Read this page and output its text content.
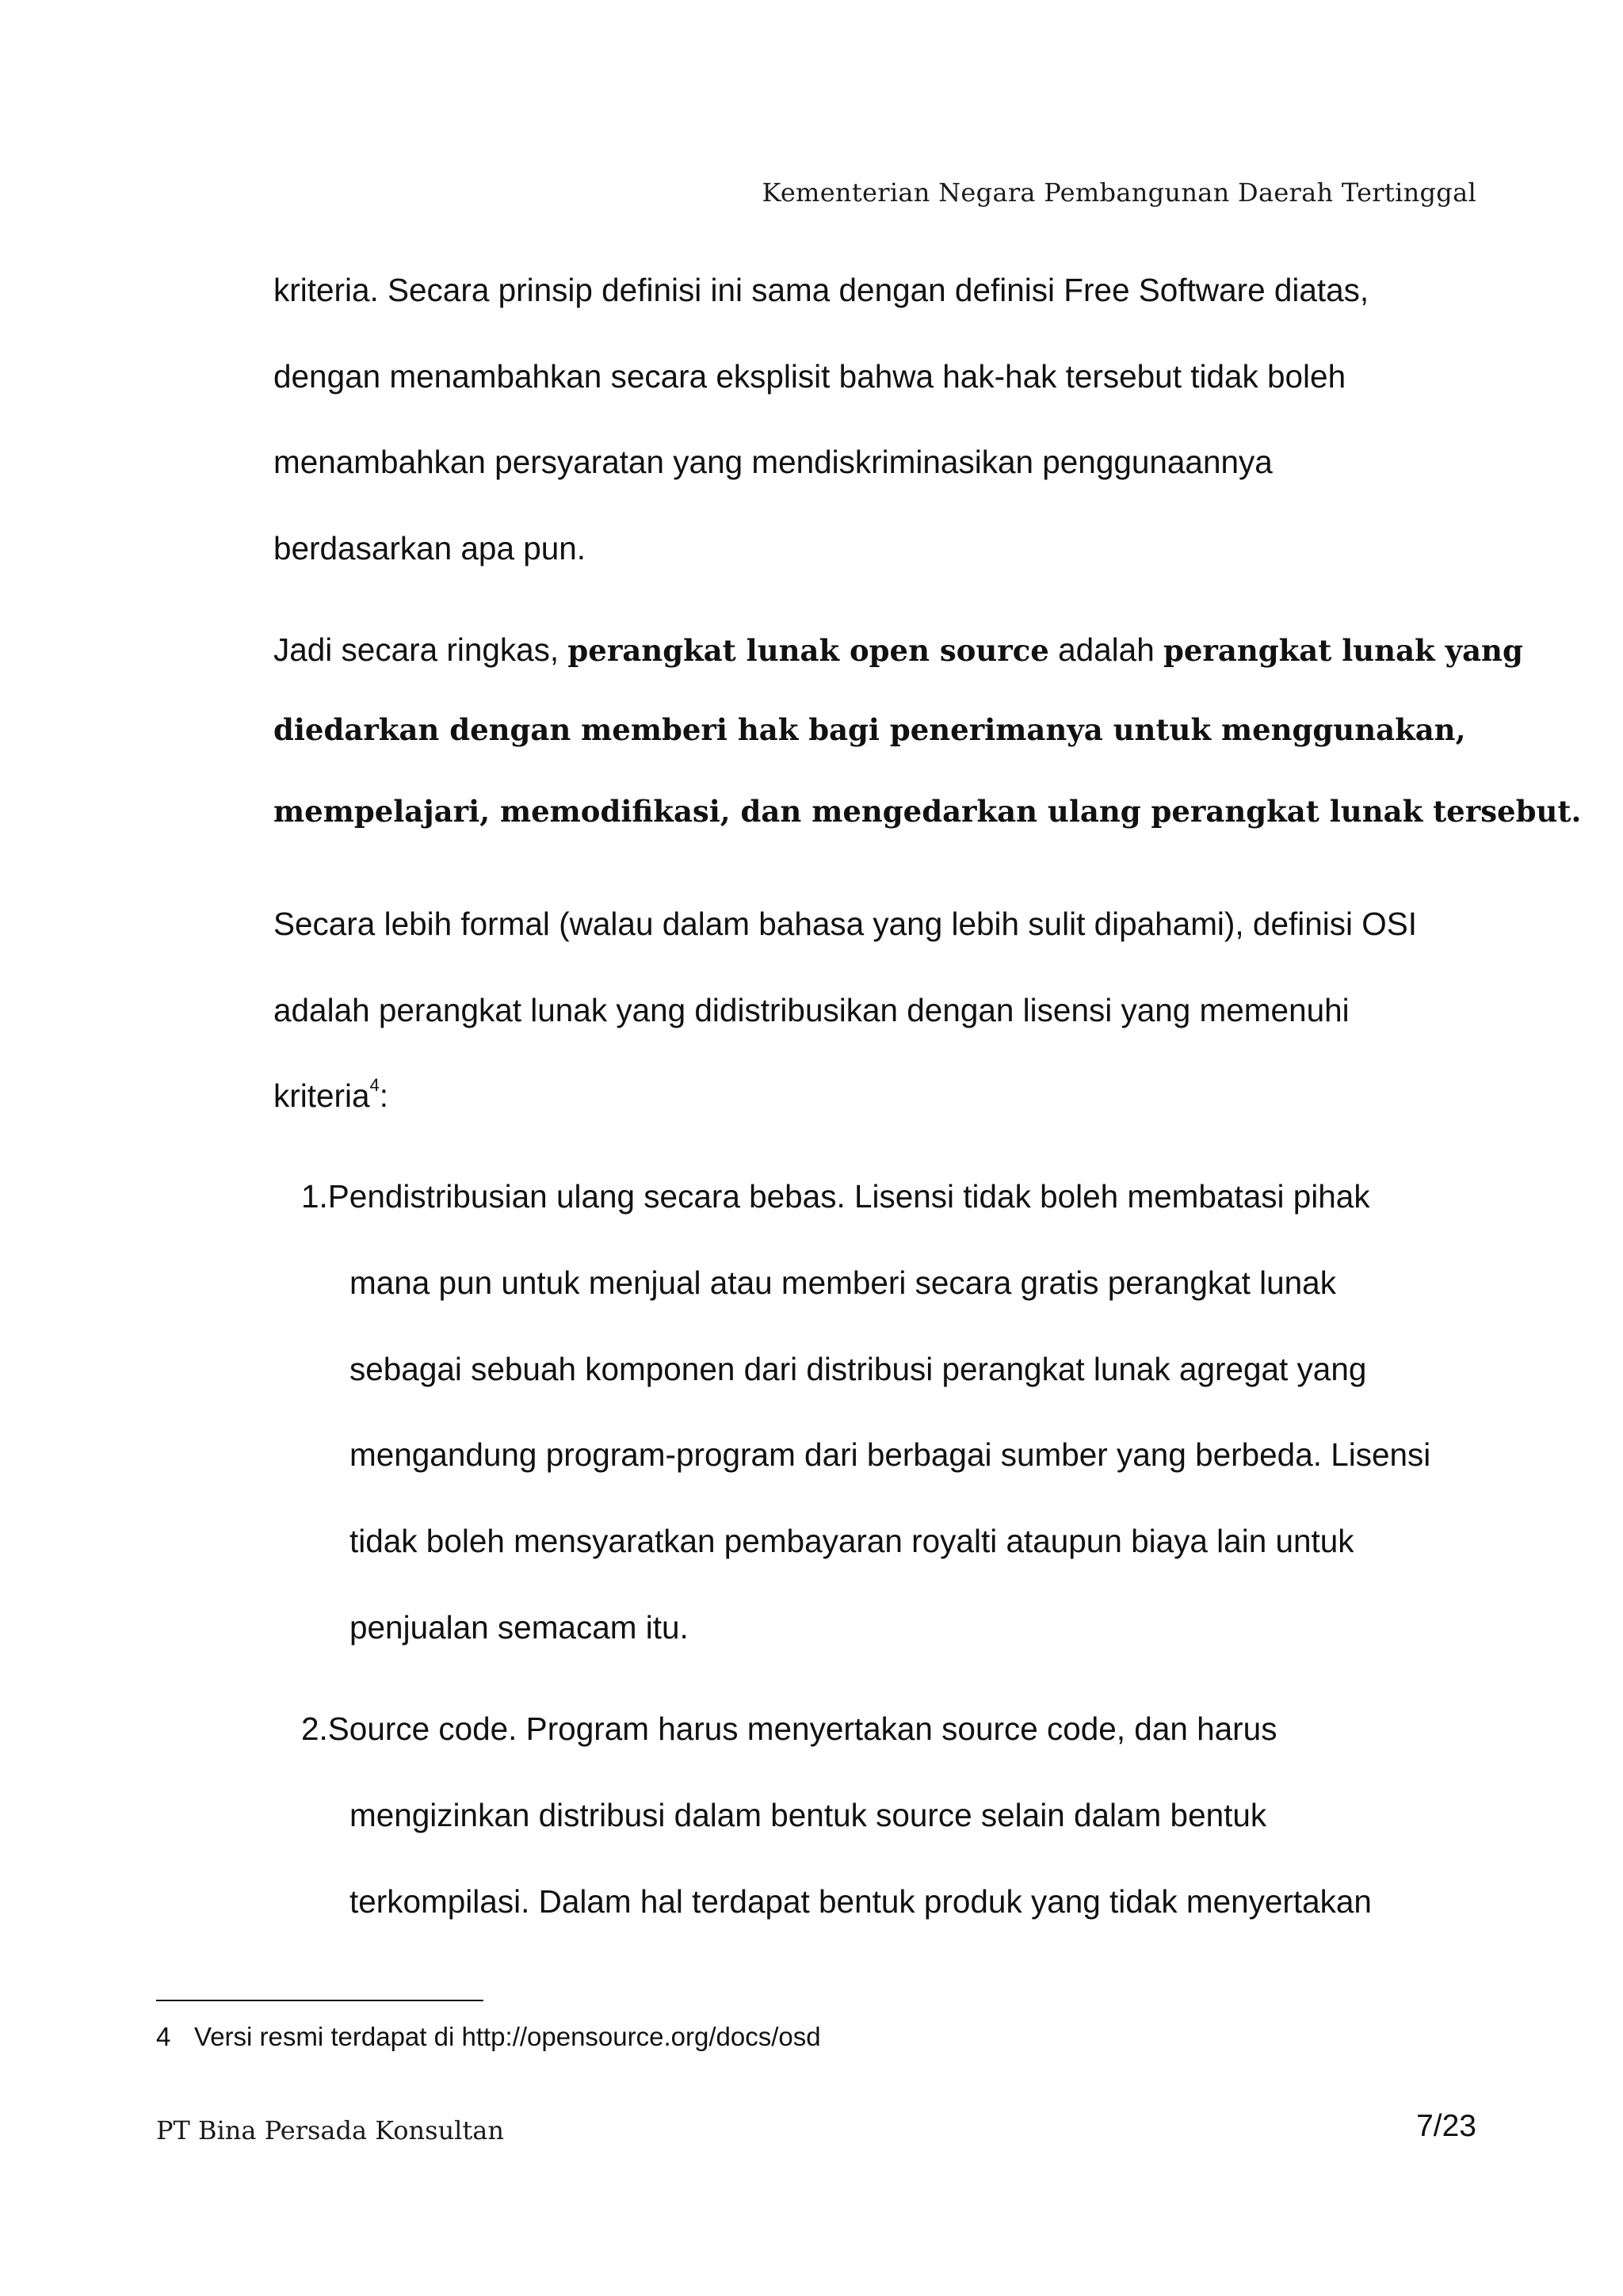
Kementerian Negara Pembangunan Daerah Tertinggal
kriteria. Secara prinsip definisi ini sama dengan definisi Free Software diatas,
dengan menambahkan secara eksplisit bahwa hak-hak tersebut tidak boleh
menambahkan persyaratan yang mendiskriminasikan penggunaannya
berdasarkan apa pun.
Jadi secara ringkas, perangkat lunak open source adalah perangkat lunak yang
diedarkan dengan memberi hak bagi penerimanya untuk menggunakan,
mempelajari, memodifikasi, dan mengedarkan ulang perangkat lunak tersebut.
Secara lebih formal (walau dalam bahasa yang lebih sulit dipahami), definisi OSI
adalah perangkat lunak yang didistribusikan dengan lisensi yang memenuhi
kriteria$^4$:
1.Pendistribusian ulang secara bebas. Lisensi tidak boleh membatasi pihak
mana pun untuk menjual atau memberi secara gratis perangkat lunak
sebagai sebuah komponen dari distribusi perangkat lunak agregat yang
mengandung program-program dari berbagai sumber yang berbeda. Lisensi
tidak boleh mensyaratkan pembayaran royalti ataupun biaya lain untuk
penjualan semacam itu.
2.Source code. Program harus menyertakan source code, dan harus
mengizinkan distribusi dalam bentuk source selain dalam bentuk
terkompilasi. Dalam hal terdapat bentuk produk yang tidak menyertakan
4 Versi resmi terdapat di http://opensource.org/docs/osd
PT Bina Persada Konsultan	7/23
